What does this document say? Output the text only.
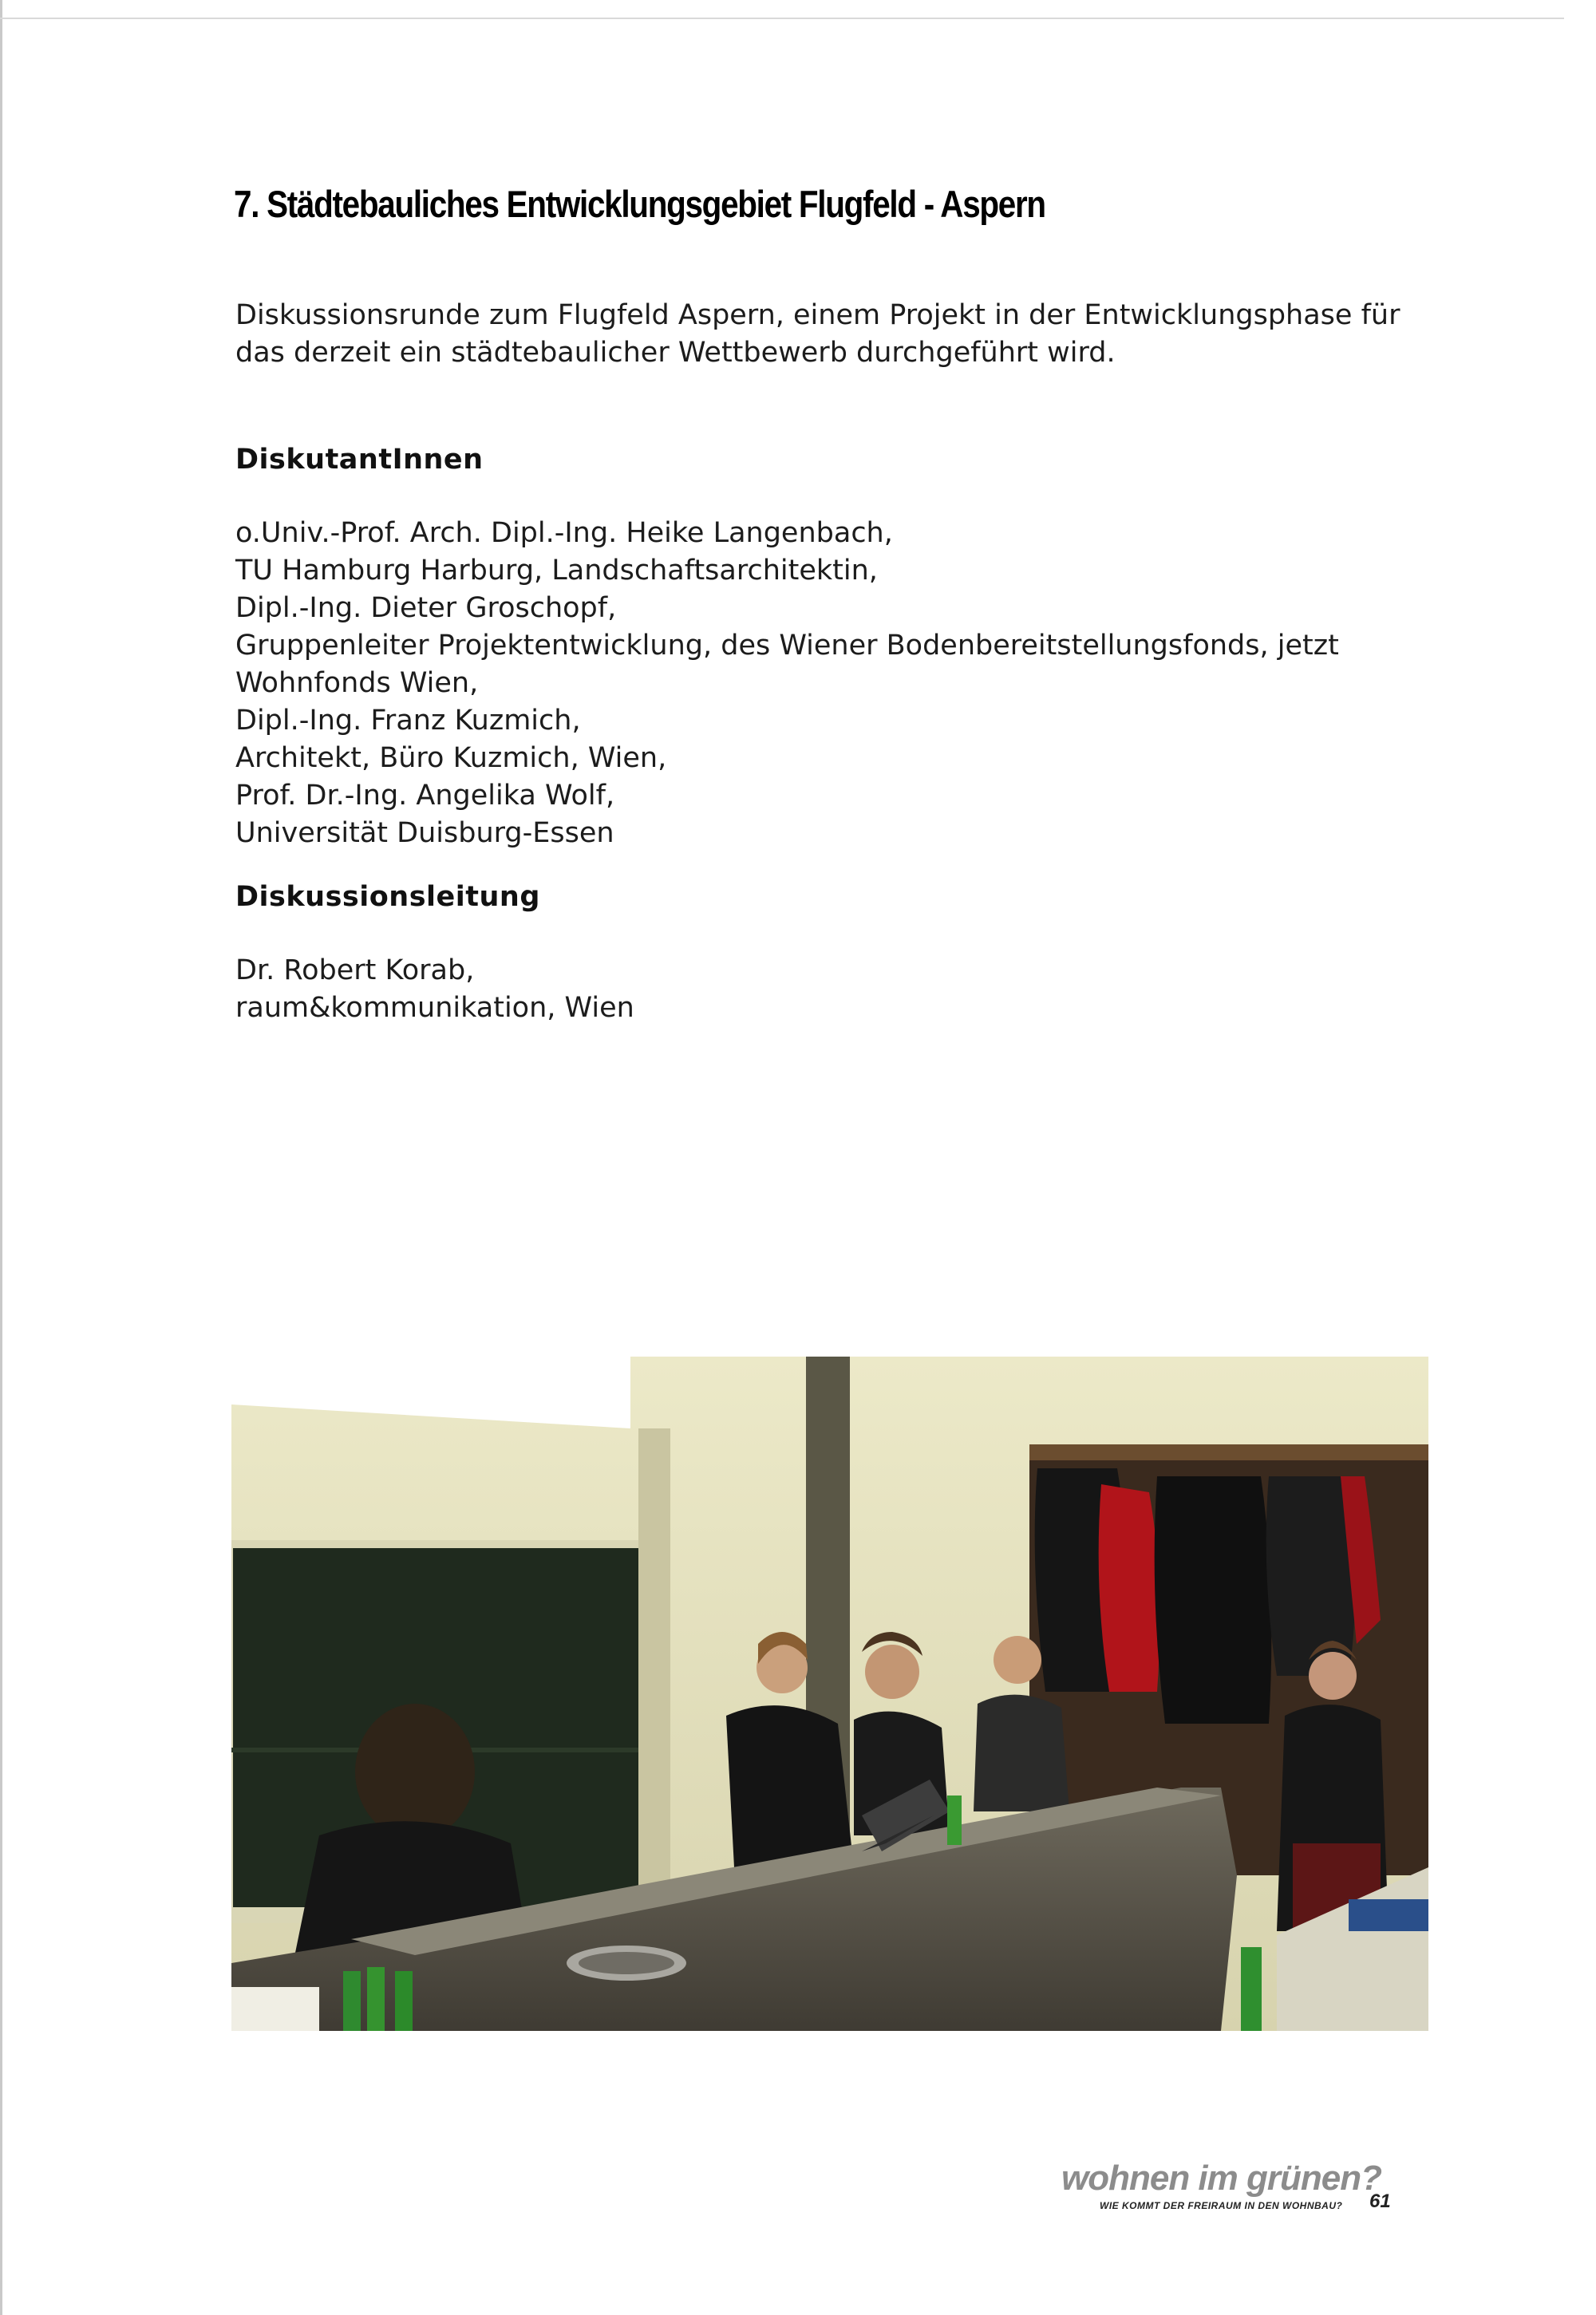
7. Städtebauliches Entwicklungsgebiet Flugfeld - Aspern
Diskussionsrunde zum Flugfeld Aspern, einem Projekt in der Entwicklungsphase für
das derzeit ein städtebaulicher Wettbewerb durchgeführt wird.
DiskutantInnen
o.Univ.-Prof. Arch. Dipl.-Ing. Heike Langenbach,
TU Hamburg Harburg, Landschaftsarchitektin,
Dipl.-Ing. Dieter Groschopf,
Gruppenleiter Projektentwicklung, des Wiener Bodenbereitstellungsfonds, jetzt
Wohnfonds Wien,
Dipl.-Ing. Franz Kuzmich,
Architekt, Büro Kuzmich, Wien,
Prof. Dr.-Ing. Angelika Wolf,
Universität Duisburg-Essen
Diskussionsleitung
Dr. Robert Korab,
raum&kommunikation, Wien
wohnen im grünen?
WIE KOMMT DER FREIRAUM IN DEN WOHNBAU? 61
